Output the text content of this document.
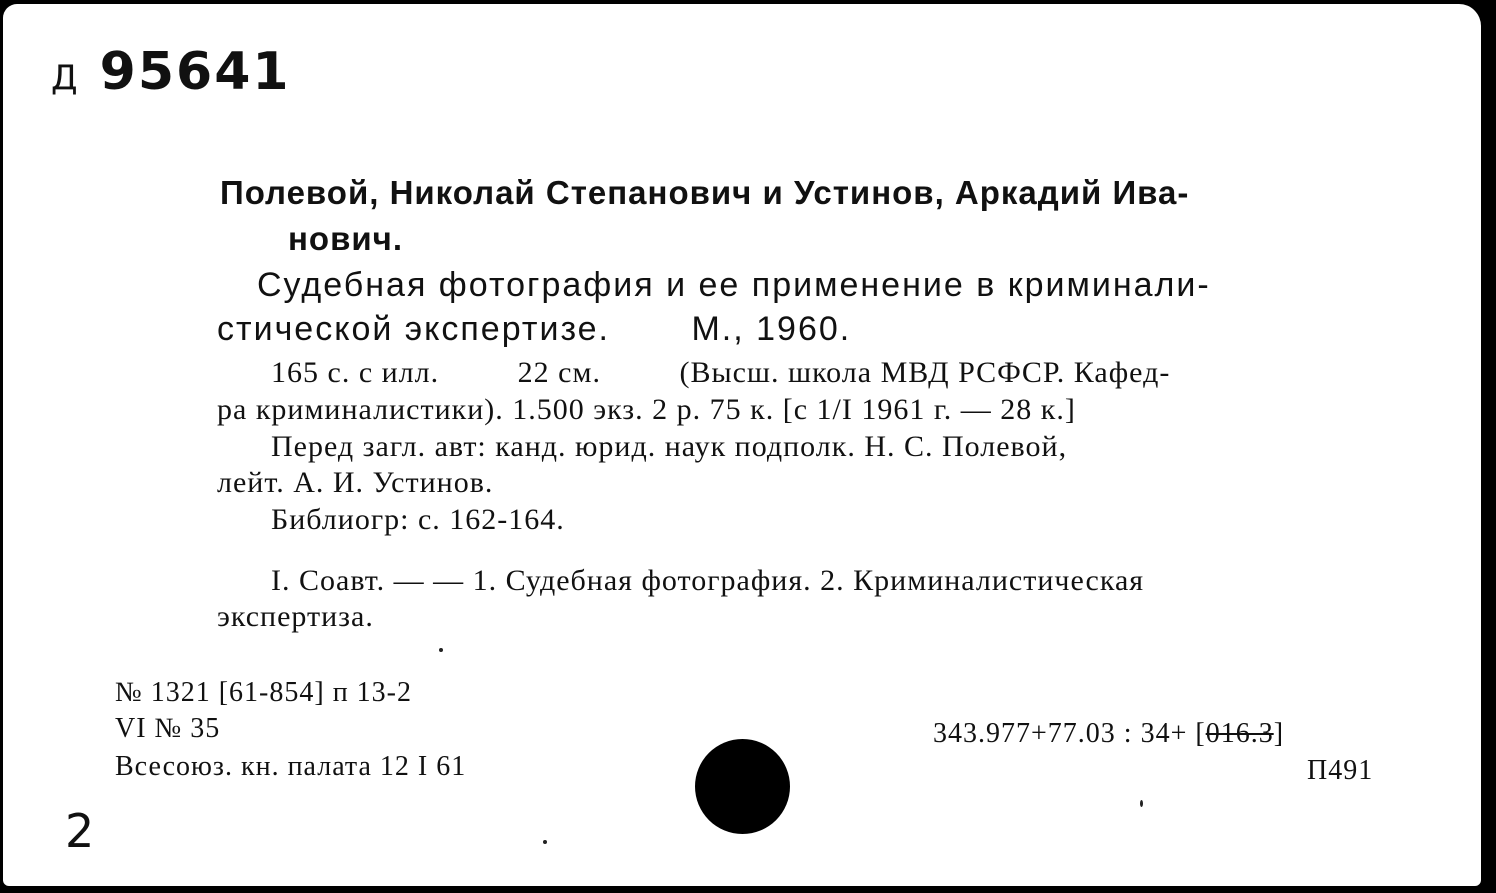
Д 95641
Полевой, Николай Степанович и Устинов, Аркадий Ива-
нович.
Судебная фотография и ее применение в криминали-
стической экспертизе. М., 1960.
165 с. с илл.	22 см.	(Высш. школа МВД РСФСР. Кафед-
ра криминалистики). 1.500 экз. 2 р. 75 к. [с 1/I 1961 г. — 28 к.]
Перед загл. авт: канд. юрид. наук подполк. Н. С. Полевой,
лейт. А. И. Устинов.
Библиогр: с. 162-164.
I. Соавт. — — 1. Судебная фотография. 2. Криминалистическая
экспертиза.
№ 1321 [61-854] п 13-2
VI № 35
Всесоюз. кн. палата 12 I 61
343.977+77.03 : 34+ [016.3]
П491
2
